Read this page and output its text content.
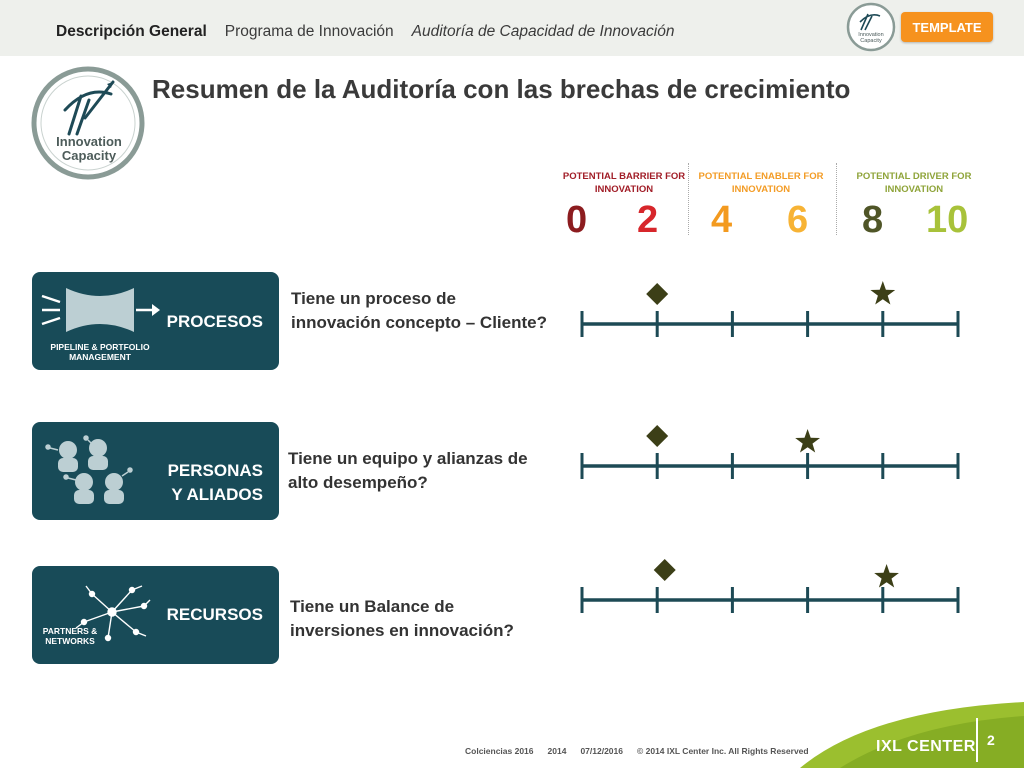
Descripción General Programa de Innovación Auditoría de Capacidad de Innovación	Innovation
Capacity
TEMPLATE
Innovation
Capacity
Resumen de la Auditoría con las brechas de crecimiento
POTENTIAL BARRIER FOR
INNOVATION
POTENTIAL ENABLER FOR
INNOVATION
POTENTIAL DRIVER FOR
INNOVATION
0 2 4 6 8 10
PIPELINE & PORTFOLIO
MANAGEMENT
PROCESOS
Tiene un proceso de
innovación concepto – Cliente?
PERSONAS
Y ALIADOS
Tiene un equipo y alianzas de
alto desempeño?
PARTNERS &
NETWORKS
RECURSOS Tiene un Balance de
inversiones en innovación?
Colciencias 2016 2014 07/12/2016 © 2014 IXL Center Inc. All Rights Reserved	IXL CENTER 2
